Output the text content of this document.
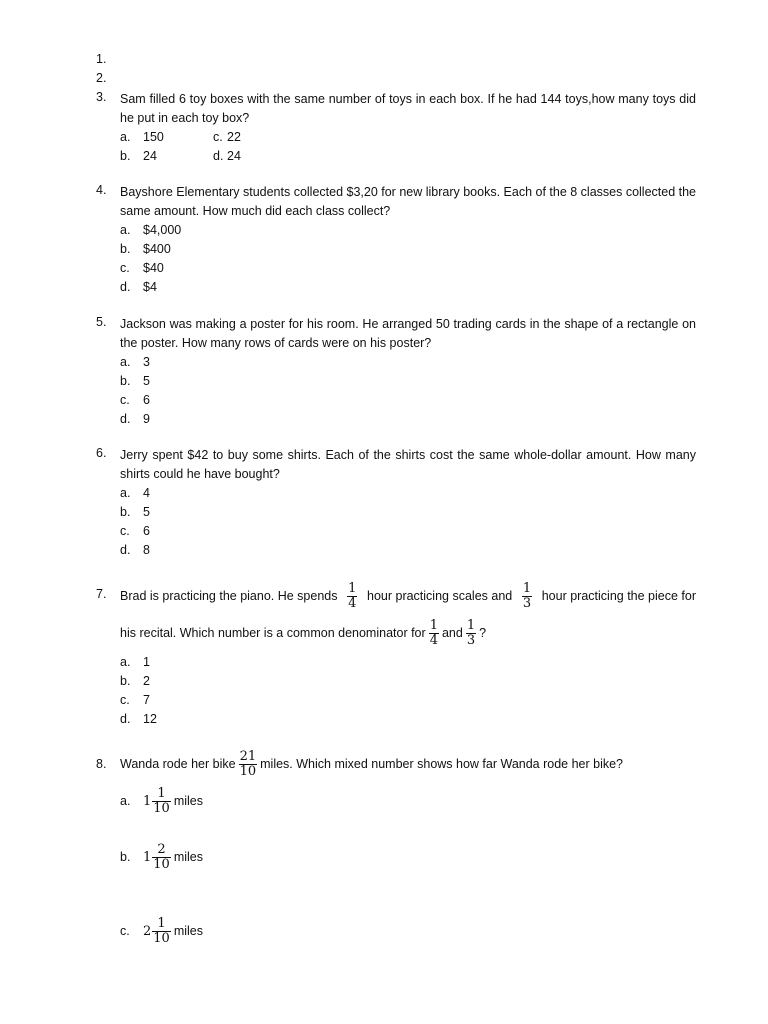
1.
2.
3.	Sam filled 6 toy boxes with the same number of toys in each box. If he had 144 toys,how many toys did he put in each toy box?
a. 150	c. 22
b. 24	d. 24
4.	Bayshore Elementary students collected $3,20 for new library books. Each of the 8 classes collected the same amount. How much did each class collect?
a. $4,000
b. $400
c. $40
d. $4
5.	Jackson was making a poster for his room. He arranged 50 trading cards in the shape of a rectangle on the poster. How many rows of cards were on his poster?
a. 3
b. 5
c. 6
d. 9
6.	Jerry spent $42 to buy some shirts. Each of the shirts cost the same whole-dollar amount. How many shirts could he have bought?
a. 4
b. 5
c. 6
d. 8
7.	Brad is practicing the piano. He spends $\frac{1}{4}$ hour practicing scales and $\frac{1}{3}$ hour practicing the piece for
his recital. Which number is a common denominator for $\frac{1}{4}$ and $\frac{1}{3}$ ?
a. 1
b. 2
c. 7
d. 12
8.	Wanda rode her bike $\frac{21}{10}$ miles. Which mixed number shows how far Wanda rode her bike?
a. $1 \frac{1}{10}$ miles
b. $1 \frac{2}{10}$ miles
c.	$2 \frac{1}{10}$ miles
